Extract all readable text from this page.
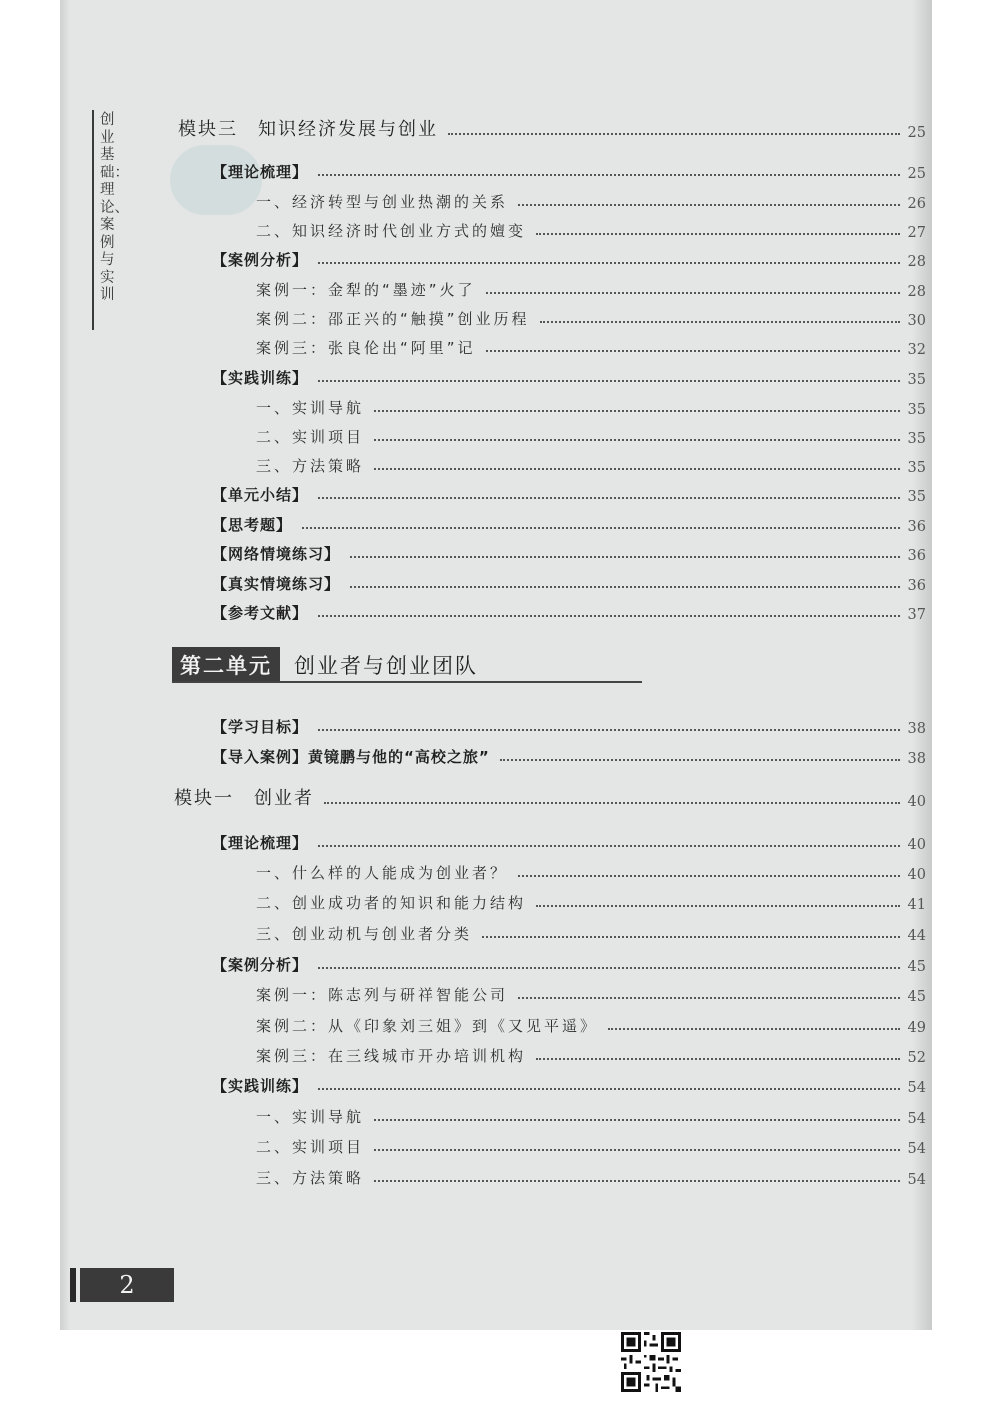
创业基础：理论、案例与实训
模块三　知识经济发展与创业	25
【理论梳理】	25
一、经济转型与创业热潮的关系	26
二、知识经济时代创业方式的嬗变	27
【案例分析】	28
案例一：金犁的“墨迹”火了	28
案例二：邵正兴的“触摸”创业历程	30
案例三：张良伦出“阿里”记	32
【实践训练】	35
一、实训导航	35
二、实训项目	35
三、方法策略	35
【单元小结】	35
【思考题】	36
【网络情境练习】	36
【真实情境练习】	36
【参考文献】	37
第二单元	创业者与创业团队
【学习目标】	38
【导入案例】黄镜鹏与他的“高校之旅”	38
模块一　创业者	40
【理论梳理】	40
一、什么样的人能成为创业者？	40
二、创业成功者的知识和能力结构	41
三、创业动机与创业者分类	44
【案例分析】	45
案例一：陈志列与研祥智能公司	45
案例二：从《印象刘三姐》到《又见平遥》	49
案例三：在三线城市开办培训机构	52
【实践训练】	54
一、实训导航	54
二、实训项目	54
三、方法策略	54
2
